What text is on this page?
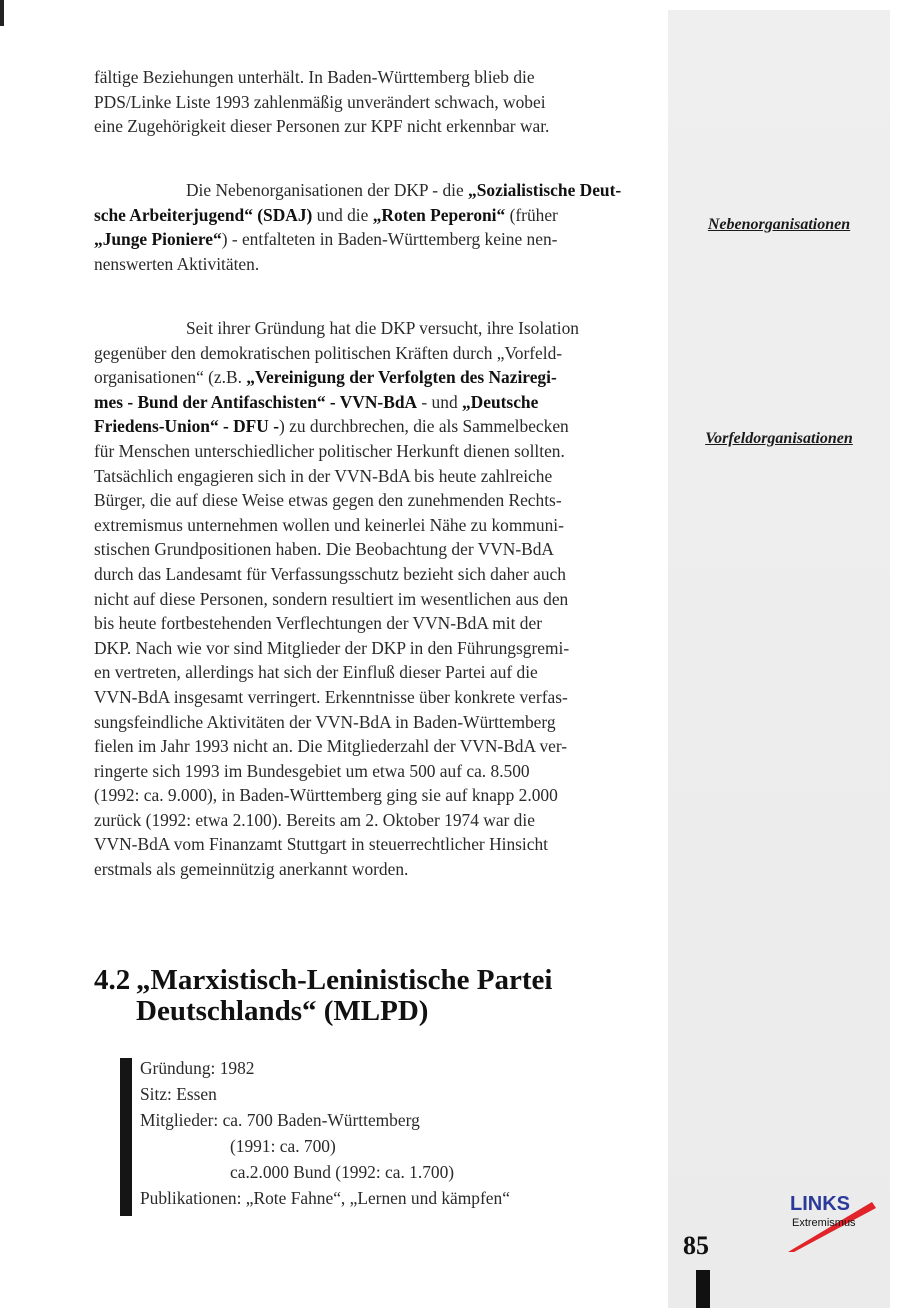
fältige Beziehungen unterhält. In Baden-Württemberg blieb die
PDS/Linke Liste 1993 zahlenmäßig unverändert schwach, wobei
eine Zugehörigkeit dieser Personen zur KPF nicht erkennbar war.

Die Nebenorganisationen der DKP - die „Sozialistische Deut-
sche Arbeiterjugend“ (SDAJ) und die „Roten Peperoni“ (früher
„Junge Pioniere“) - entfalteten in Baden-Württemberg keine nen-
nenswerten Aktivitäten.

Nebenorganisationen

Seit ihrer Gründung hat die DKP versucht, ihre Isolation
gegenüber den demokratischen politischen Kräften durch „Vorfeld-
organisationen“ (z.B. „Vereinigung der Verfolgten des Naziregi-
mes - Bund der Antifaschisten“ - VVN-BdA - und „Deutsche
Friedens-Union“ - DFU -) zu durchbrechen, die als Sammelbecken
für Menschen unterschiedlicher politischer Herkunft dienen sollten.
Tatsächlich engagieren sich in der VVN-BdA bis heute zahlreiche
Bürger, die auf diese Weise etwas gegen den zunehmenden Rechts-
extremismus unternehmen wollen und keinerlei Nähe zu kommuni-
stischen Grundpositionen haben. Die Beobachtung der VVN-BdA
durch das Landesamt für Verfassungsschutz bezieht sich daher auch
nicht auf diese Personen, sondern resultiert im wesentlichen aus den
bis heute fortbestehenden Verflechtungen der VVN-BdA mit der
DKP. Nach wie vor sind Mitglieder der DKP in den Führungsgremi-
en vertreten, allerdings hat sich der Einfluß dieser Partei auf die
VVN-BdA insgesamt verringert. Erkenntnisse über konkrete verfas-
sungsfeindliche Aktivitäten der VVN-BdA in Baden-Württemberg
fielen im Jahr 1993 nicht an. Die Mitgliederzahl der VVN-BdA ver-
ringerte sich 1993 im Bundesgebiet um etwa 500 auf ca. 8.500
(1992: ca. 9.000), in Baden-Württemberg ging sie auf knapp 2.000
zurück (1992: etwa 2.100). Bereits am 2. Oktober 1974 war die
VVN-BdA vom Finanzamt Stuttgart in steuerrechtlicher Hinsicht
erstmals als gemeinnützig anerkannt worden.

Vorfeldorganisationen
4.2 „Marxistisch-Leninistische Partei
Deutschlands“ (MLPD)
Gründung: 1982
Sitz: Essen
Mitglieder: ca. 700 Baden-Württemberg
(1991: ca. 700)
ca.2.000 Bund (1992: ca. 1.700)
Publikationen: „Rote Fahne“, „Lernen und kämpfen“	LINKS
Extremismus
85
